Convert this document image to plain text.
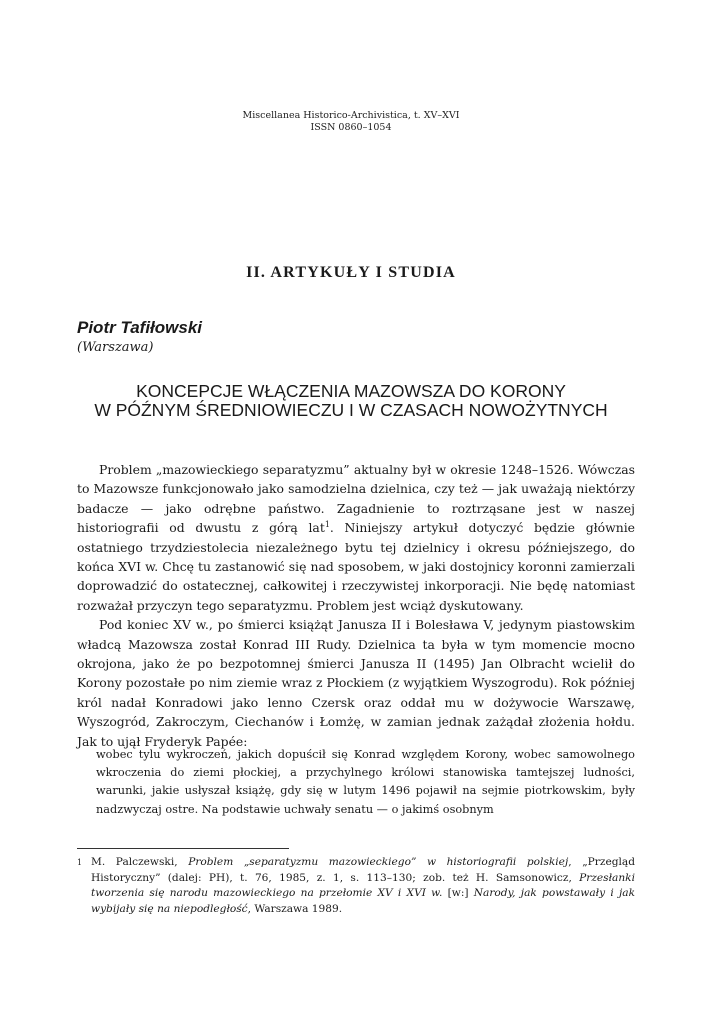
Miscellanea Historico-Archivistica, t. XV–XVI
ISSN 0860–1054
II. ARTYKUŁY I STUDIA
Piotr Tafiłowski
(Warszawa)
KONCEPCJE WŁĄCZENIA MAZOWSZA DO KORONY
W PÓŹNYM ŚREDNIOWIECZU I W CZASACH NOWOŻYTNYCH

Problem „mazowieckiego separatyzmu” aktualny był w okresie 1248–1526. Wówczas to Mazowsze funkcjonowało jako samodzielna dzielnica, czy też — jak uważają niektórzy badacze — jako odrębne państwo. Zagadnienie to roztrząsane jest w naszej historiografii od dwustu z górą lat$^1$. Niniejszy artykuł dotyczyć będzie głównie ostatniego trzydziestolecia niezależnego bytu tej dzielnicy i okresu późniejszego, do końca XVI w. Chcę tu zastanowić się nad sposobem, w jaki dostojnicy koronni zamierzali doprowadzić do ostatecznej, całkowitej i rzeczywistej inkorporacji. Nie będę natomiast rozważał przyczyn tego separatyzmu. Problem jest wciąż dyskutowany.

Pod koniec XV w., po śmierci książąt Janusza II i Bolesława V, jedynym piastowskim władcą Mazowsza został Konrad III Rudy. Dzielnica ta była w tym momencie mocno okrojona, jako że po bezpotomnej śmierci Janusza II (1495) Jan Olbracht wcielił do Korony pozostałe po nim ziemie wraz z Płockiem (z wyjątkiem Wyszogrodu). Rok później król nadał Konradowi jako lenno Czersk oraz oddał mu w dożywocie Warszawę, Wyszogród, Zakroczym, Ciechanów i Łomżę, w zamian jednak zażądał złożenia hołdu. Jak to ujął Fryderyk Papée:

wobec tylu wykroczeń, jakich dopuścił się Konrad względem Korony, wobec samowolnego wkroczenia do ziemi płockiej, a przychylnego królowi stanowiska tamtejszej ludności, warunki, jakie usłyszał książę, gdy się w lutym 1496 pojawił na sejmie piotrkowskim, były nadzwyczaj ostre. Na podstawie uchwały senatu — o jakimś osobnym
1 M. Palczewski, Problem „separatyzmu mazowieckiego” w historiografii polskiej, „Przegląd Historyczny” (dalej: PH), t. 76, 1985, z. 1, s. 113–130; zob. też H. Samsonowicz, Przesłanki tworzenia się narodu mazowieckiego na przełomie XV i XVI w. [w:] Narody, jak powstawały i jak wybijały się na niepodległość, Warszawa 1989.
